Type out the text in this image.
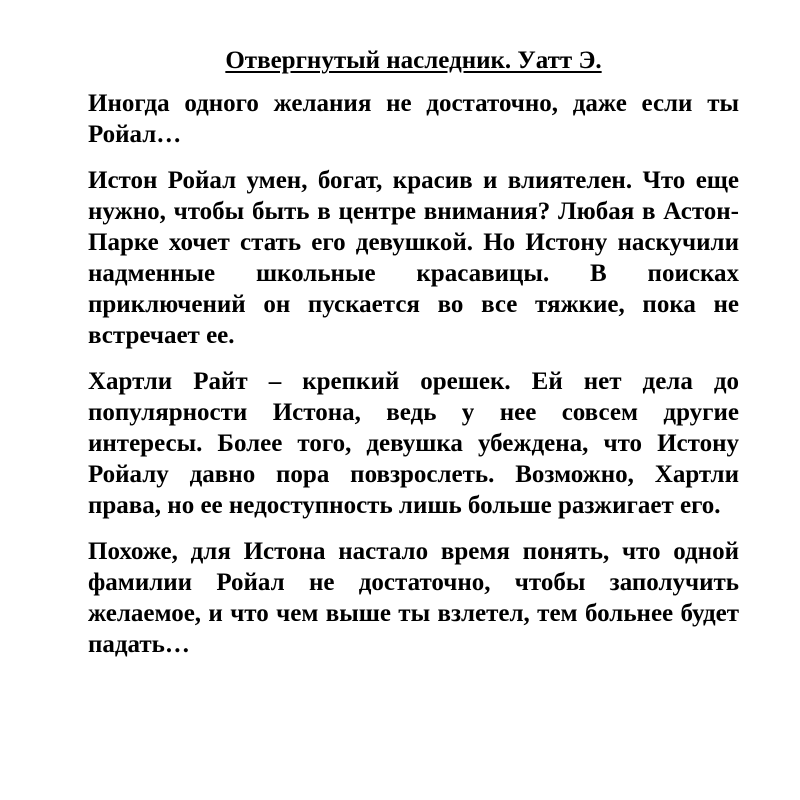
Отвергнутый наследник. Уатт Э.

Иногда одного желания не достаточно, даже если ты Ройал…

Истон Ройал умен, богат, красив и влиятелен. Что еще нужно, чтобы быть в центре внимания? Любая в Астон-Парке хочет стать его девушкой. Но Истону наскучили надменные школьные красавицы. В поисках приключений он пускается во все тяжкие, пока не встречает ее.

Хартли Райт – крепкий орешек. Ей нет дела до популярности Истона, ведь у нее совсем другие интересы. Более того, девушка убеждена, что Истону Ройалу давно пора повзрослеть. Возможно, Хартли права, но ее недоступность лишь больше разжигает его.

Похоже, для Истона настало время понять, что одной фамилии Ройал не достаточно, чтобы заполучить желаемое, и что чем выше ты взлетел, тем больнее будет падать…
